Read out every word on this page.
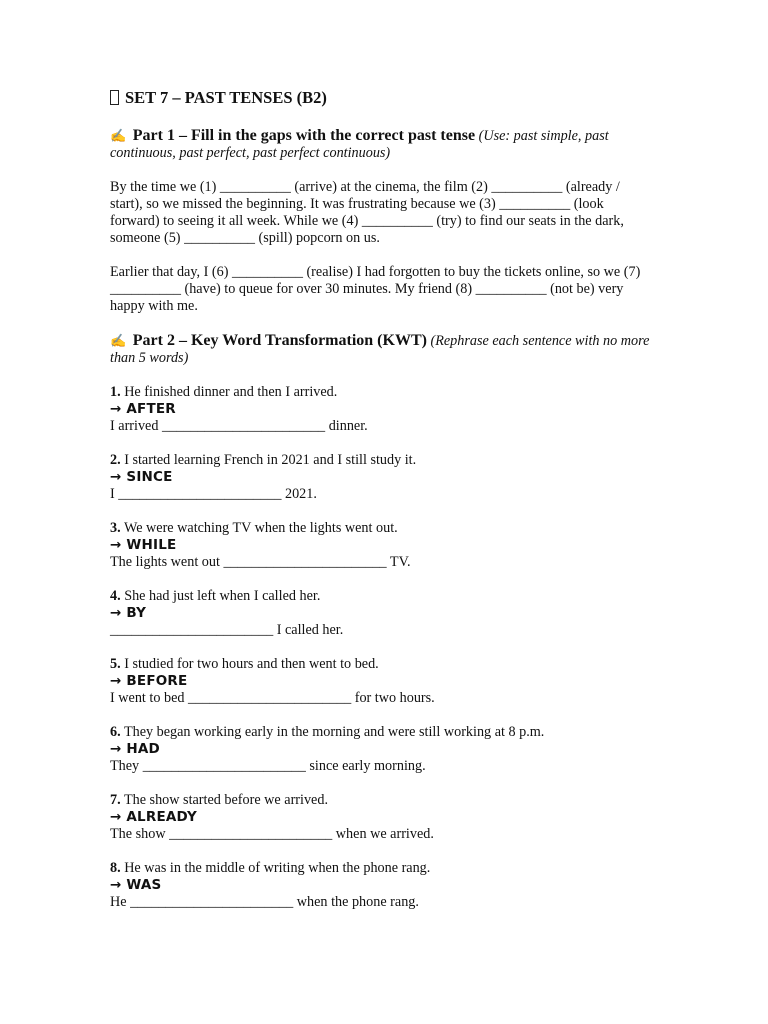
SET 7 – PAST TENSES (B2)
✍ Part 1 – Fill in the gaps with the correct past tense (Use: past simple, past continuous, past perfect, past perfect continuous)
By the time we (1) __________ (arrive) at the cinema, the film (2) __________ (already / start), so we missed the beginning. It was frustrating because we (3) __________ (look forward) to seeing it all week. While we (4) __________ (try) to find our seats in the dark, someone (5) __________ (spill) popcorn on us.
Earlier that day, I (6) __________ (realise) I had forgotten to buy the tickets online, so we (7) __________ (have) to queue for over 30 minutes. My friend (8) __________ (not be) very happy with me.
✍ Part 2 – Key Word Transformation (KWT) (Rephrase each sentence with no more than 5 words)
1. He finished dinner and then I arrived.
→ AFTER
I arrived _______________________ dinner.
2. I started learning French in 2021 and I still study it.
→ SINCE
I _______________________ 2021.
3. We were watching TV when the lights went out.
→ WHILE
The lights went out _______________________ TV.
4. She had just left when I called her.
→ BY
_______________________ I called her.
5. I studied for two hours and then went to bed.
→ BEFORE
I went to bed _______________________ for two hours.
6. They began working early in the morning and were still working at 8 p.m.
→ HAD
They _______________________ since early morning.
7. The show started before we arrived.
→ ALREADY
The show _______________________ when we arrived.
8. He was in the middle of writing when the phone rang.
→ WAS
He _______________________ when the phone rang.
